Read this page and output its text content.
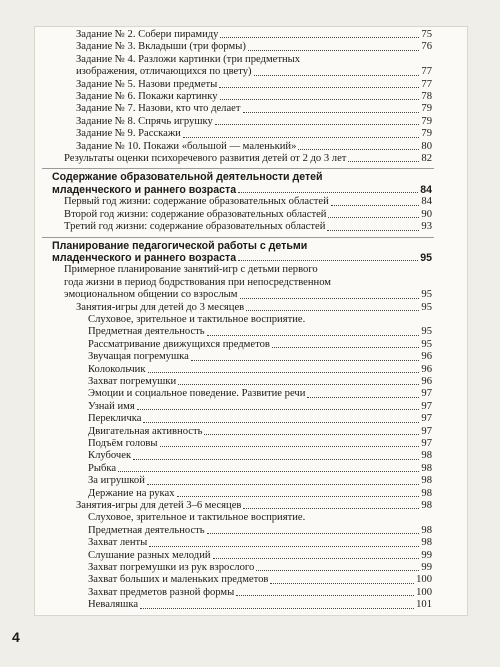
Задание № 2. Собери пирамиду	75
Задание № 3. Вкладыши (три формы)	76
Задание № 4. Разложи картинки (три предметных
изображения, отличающихся по цвету)	77
Задание № 5. Назови предметы	77
Задание № 6. Покажи картинку	78
Задание № 7. Назови, кто что делает	79
Задание № 8. Спрячь игрушку	79
Задание № 9. Расскажи	79
Задание № 10. Покажи «большой — маленький»	80
Результаты оценки психоречевого развития детей от 2 до 3 лет	82
Содержание образовательной деятельности детей
младенческого и раннего возраста	84
Первый год жизни: содержание образовательных областей	84
Второй год жизни: содержание образовательных областей	90
Третий год жизни: содержание образовательных областей	93
Планирование педагогической работы с детьми
младенческого и раннего возраста	95
Примерное планирование занятий-игр с детьми первого
года жизни в период бодрствования при непосредственном
эмоциональном общении со взрослым	95
Занятия-игры для детей до 3 месяцев	95
Слуховое, зрительное и тактильное восприятие.
Предметная деятельность	95
Рассматривание движущихся предметов	95
Звучащая погремушка	96
Колокольчик	96
Захват погремушки	96
Эмоции и социальное поведение. Развитие речи	97
Узнай имя	97
Перекличка	97
Двигательная активность	97
Подъём головы	97
Клубочек	98
Рыбка	98
За игрушкой	98
Держание на руках	98
Занятия-игры для детей 3–6 месяцев	98
Слуховое, зрительное и тактильное восприятие.
Предметная деятельность	98
Захват ленты	98
Слушание разных мелодий	99
Захват погремушки из рук взрослого	99
Захват больших и маленьких предметов	100
Захват предметов разной формы	100
Неваляшка	101
4
